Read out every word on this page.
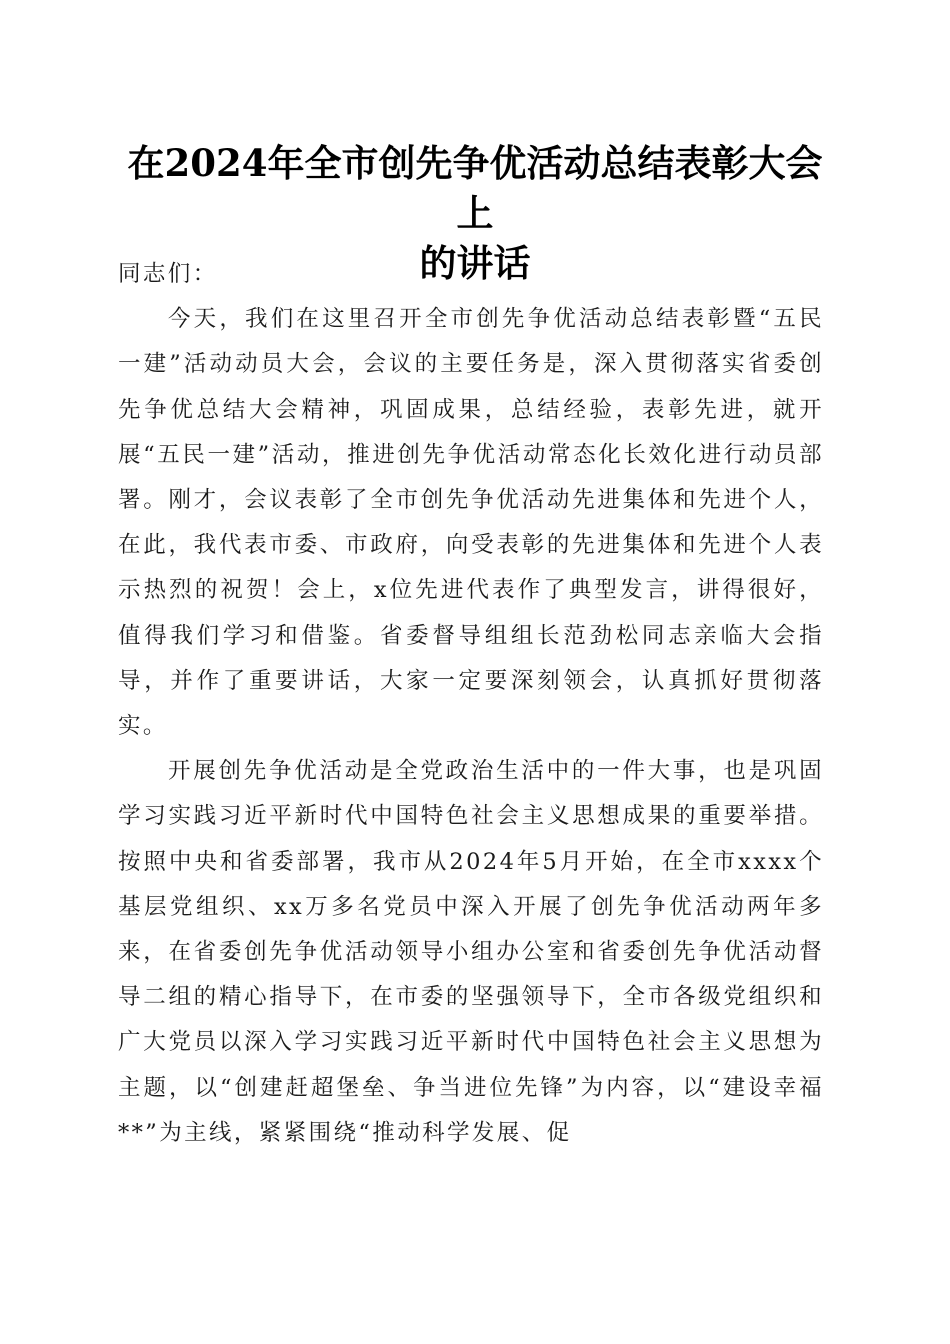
在2024年全市创先争优活动总结表彰大会上
的讲话

同志们：

今天，我们在这里召开全市创先争优活动总结表彰暨“五民一建”活动动员大会，会议的主要任务是，深入贯彻落实省委创先争优总结大会精神，巩固成果，总结经验，表彰先进，就开展“五民一建”活动，推进创先争优活动常态化长效化进行动员部署。刚才，会议表彰了全市创先争优活动先进集体和先进个人，在此，我代表市委、市政府，向受表彰的先进集体和先进个人表示热烈的祝贺！会上，x位先进代表作了典型发言，讲得很好，值得我们学习和借鉴。省委督导组组长范劲松同志亲临大会指导，并作了重要讲话，大家一定要深刻领会，认真抓好贯彻落实。

开展创先争优活动是全党政治生活中的一件大事，也是巩固学习实践习近平新时代中国特色社会主义思想成果的重要举措。按照中央和省委部署，我市从2024年5月开始，在全市xxxx个基层党组织、xx万多名党员中深入开展了创先争优活动两年多来，在省委创先争优活动领导小组办公室和省委创先争优活动督导二组的精心指导下，在市委的坚强领导下，全市各级党组织和广大党员以深入学习实践习近平新时代中国特色社会主义思想为主题，以“创建赶超堡垒、争当进位先锋”为内容，以“建设幸福**”为主线，紧紧围绕“推动科学发展、促
